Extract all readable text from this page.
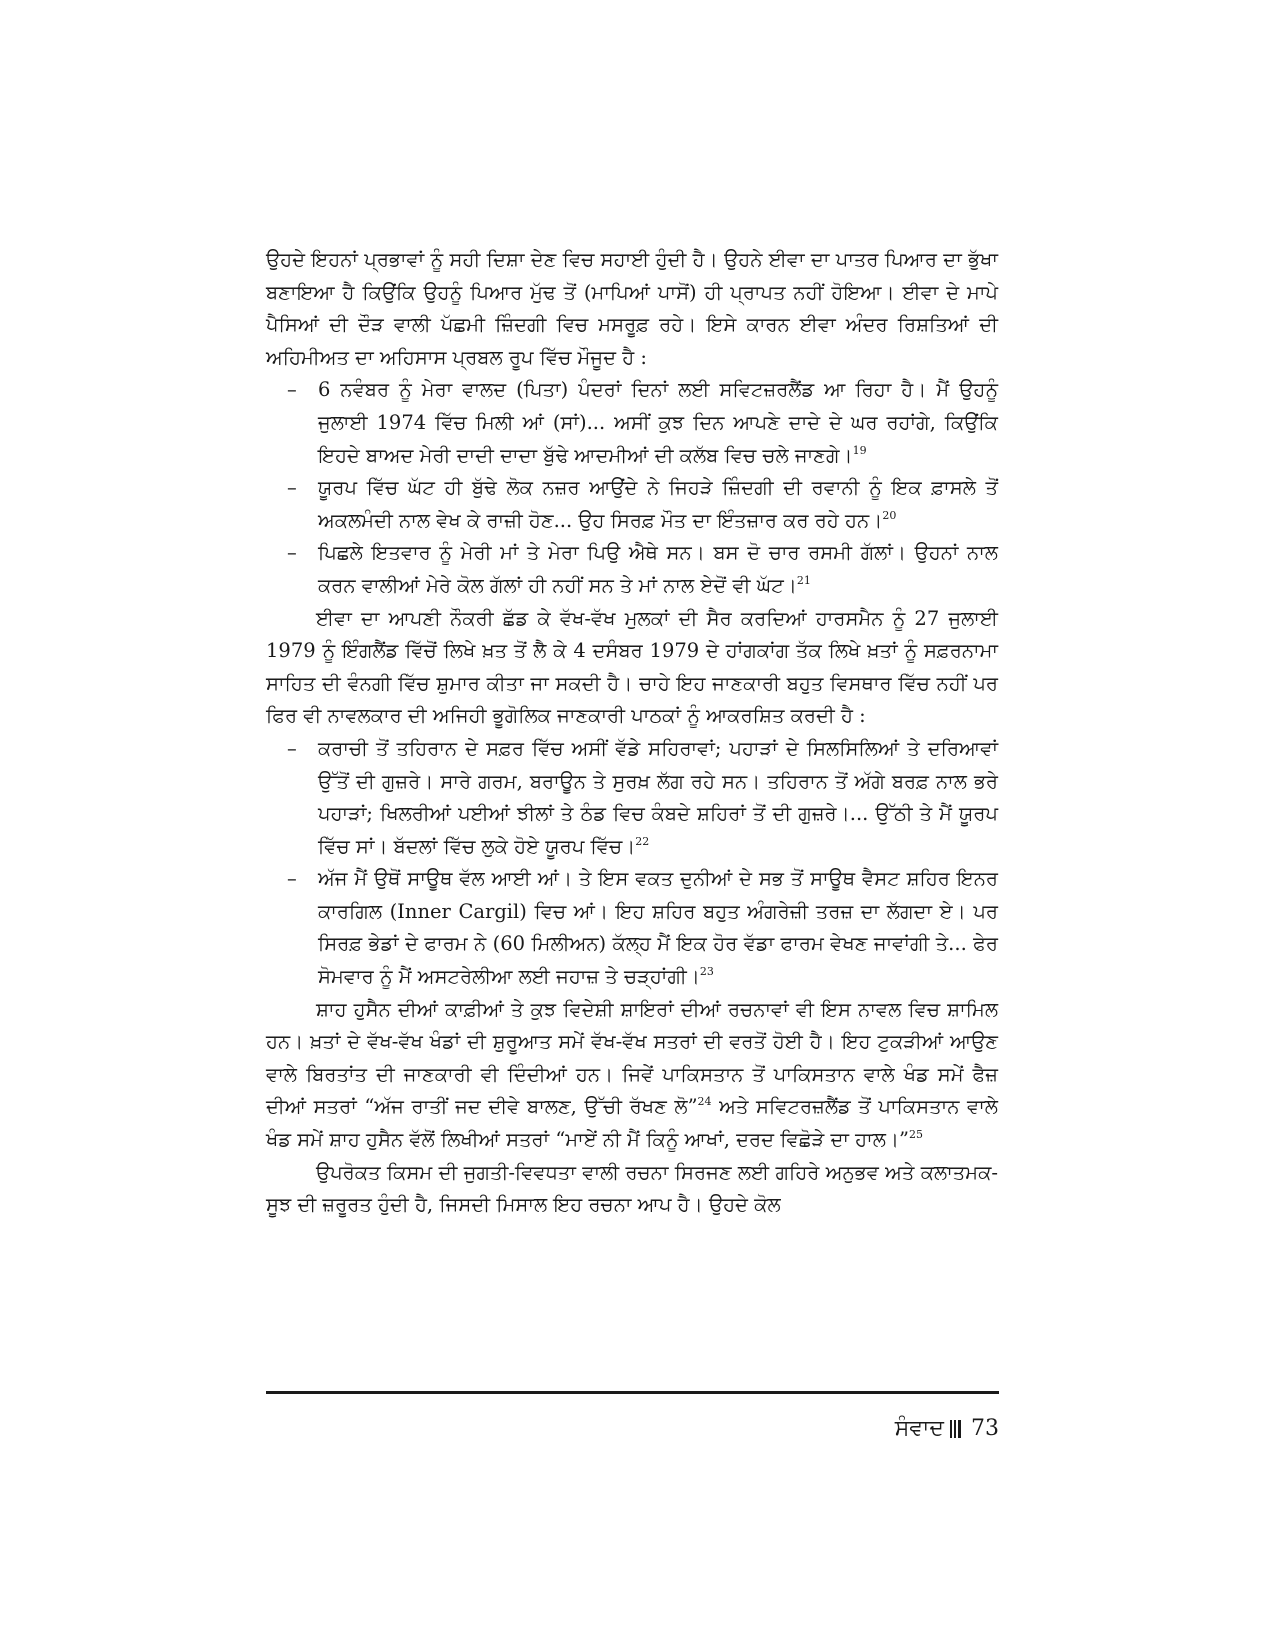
ਉਹਦੇ ਇਹਨਾਂ ਪ੍ਰਭਾਵਾਂ ਨੂੰ ਸਹੀ ਦਿਸ਼ਾ ਦੇਣ ਵਿਚ ਸਹਾਈ ਹੁੰਦੀ ਹੈ। ਉਹਨੇ ਈਵਾ ਦਾ ਪਾਤਰ ਪਿਆਰ ਦਾ ਭੁੱਖਾ ਬਣਾਇਆ ਹੈ ਕਿਉਂਕਿ ਉਹਨੂੰ ਪਿਆਰ ਮੁੱਢ ਤੋਂ (ਮਾਪਿਆਂ ਪਾਸੋਂ) ਹੀ ਪ੍ਰਾਪਤ ਨਹੀਂ ਹੋਇਆ। ਈਵਾ ਦੇ ਮਾਪੇ ਪੈਸਿਆਂ ਦੀ ਦੌੜ ਵਾਲੀ ਪੱਛਮੀ ਜ਼ਿੰਦਗੀ ਵਿਚ ਮਸਰੂਫ਼ ਰਹੇ। ਇਸੇ ਕਾਰਨ ਈਵਾ ਅੰਦਰ ਰਿਸ਼ਤਿਆਂ ਦੀ ਅਹਿਮੀਅਤ ਦਾ ਅਹਿਸਾਸ ਪ੍ਰਬਲ ਰੂਪ ਵਿੱਚ ਮੌਜੂਦ ਹੈ :

– 6 ਨਵੰਬਰ ਨੂੰ ਮੇਰਾ ਵਾਲਦ (ਪਿਤਾ) ਪੰਦਰਾਂ ਦਿਨਾਂ ਲਈ ਸਵਿਟਜ਼ਰਲੈਂਡ ਆ ਰਿਹਾ ਹੈ। ਮੈਂ ਉਹਨੂੰ ਜੁਲਾਈ 1974 ਵਿੱਚ ਮਿਲੀ ਆਂ (ਸਾਂ)... ਅਸੀਂ ਕੁਝ ਦਿਨ ਆਪਣੇ ਦਾਦੇ ਦੇ ਘਰ ਰਹਾਂਗੇ, ਕਿਉਂਕਿ ਇਹਦੇ ਬਾਅਦ ਮੇਰੀ ਦਾਦੀ ਦਾਦਾ ਬੁੱਢੇ ਆਦਮੀਆਂ ਦੀ ਕਲੱਬ ਵਿਚ ਚਲੇ ਜਾਣਗੇ।$^{19}$
– ਯੂਰਪ ਵਿੱਚ ਘੱਟ ਹੀ ਬੁੱਢੇ ਲੋਕ ਨਜ਼ਰ ਆਉਂਦੇ ਨੇ ਜਿਹੜੇ ਜ਼ਿੰਦਗੀ ਦੀ ਰਵਾਨੀ ਨੂੰ ਇਕ ਫ਼ਾਸਲੇ ਤੋਂ ਅਕਲਮੰਦੀ ਨਾਲ ਵੇਖ ਕੇ ਰਾਜ਼ੀ ਹੋਣ... ਉਹ ਸਿਰਫ਼ ਮੌਤ ਦਾ ਇੰਤਜ਼ਾਰ ਕਰ ਰਹੇ ਹਨ।$^{20}$
– ਪਿਛਲੇ ਇਤਵਾਰ ਨੂੰ ਮੇਰੀ ਮਾਂ ਤੇ ਮੇਰਾ ਪਿਉ ਐਥੇ ਸਨ। ਬਸ ਦੋ ਚਾਰ ਰਸਮੀ ਗੱਲਾਂ। ਉਹਨਾਂ ਨਾਲ ਕਰਨ ਵਾਲੀਆਂ ਮੇਰੇ ਕੋਲ ਗੱਲਾਂ ਹੀ ਨਹੀਂ ਸਨ ਤੇ ਮਾਂ ਨਾਲ ਏਦੋਂ ਵੀ ਘੱਟ।$^{21}$

ਈਵਾ ਦਾ ਆਪਣੀ ਨੌਕਰੀ ਛੱਡ ਕੇ ਵੱਖ-ਵੱਖ ਮੁਲਕਾਂ ਦੀ ਸੈਰ ਕਰਦਿਆਂ ਹਾਰਸਮੈਨ ਨੂੰ 27 ਜੁਲਾਈ 1979 ਨੂੰ ਇੰਗਲੈਂਡ ਵਿੱਚੋਂ ਲਿਖੇ ਖ਼ਤ ਤੋਂ ਲੈ ਕੇ 4 ਦਸੰਬਰ 1979 ਦੇ ਹਾਂਗਕਾਂਗ ਤੱਕ ਲਿਖੇ ਖ਼ਤਾਂ ਨੂੰ ਸਫ਼ਰਨਾਮਾ ਸਾਹਿਤ ਦੀ ਵੰਨਗੀ ਵਿੱਚ ਸ਼ੁਮਾਰ ਕੀਤਾ ਜਾ ਸਕਦੀ ਹੈ। ਚਾਹੇ ਇਹ ਜਾਣਕਾਰੀ ਬਹੁਤ ਵਿਸਥਾਰ ਵਿੱਚ ਨਹੀਂ ਪਰ ਫਿਰ ਵੀ ਨਾਵਲਕਾਰ ਦੀ ਅਜਿਹੀ ਭੂਗੋਲਿਕ ਜਾਣਕਾਰੀ ਪਾਠਕਾਂ ਨੂੰ ਆਕਰਸ਼ਿਤ ਕਰਦੀ ਹੈ :

– ਕਰਾਚੀ ਤੋਂ ਤਹਿਰਾਨ ਦੇ ਸਫ਼ਰ ਵਿੱਚ ਅਸੀਂ ਵੱਡੇ ਸਹਿਰਾਵਾਂ; ਪਹਾੜਾਂ ਦੇ ਸਿਲਸਿਲਿਆਂ ਤੇ ਦਰਿਆਵਾਂ ਉੱਤੋਂ ਦੀ ਗੁਜ਼ਰੇ। ਸਾਰੇ ਗਰਮ, ਬਰਾਊਨ ਤੇ ਸੁਰਖ਼ ਲੱਗ ਰਹੇ ਸਨ। ਤਹਿਰਾਨ ਤੋਂ ਅੱਗੇ ਬਰਫ਼ ਨਾਲ ਭਰੇ ਪਹਾੜਾਂ; ਖਿਲਰੀਆਂ ਪਈਆਂ ਝੀਲਾਂ ਤੇ ਠੰਡ ਵਿਚ ਕੰਬਦੇ ਸ਼ਹਿਰਾਂ ਤੋਂ ਦੀ ਗੁਜ਼ਰੇ।... ਉੱਠੀ ਤੇ ਮੈਂ ਯੂਰਪ ਵਿੱਚ ਸਾਂ। ਬੱਦਲਾਂ ਵਿੱਚ ਲੁਕੇ ਹੋਏ ਯੂਰਪ ਵਿੱਚ।$^{22}$
– ਅੱਜ ਮੈਂ ਉਥੋਂ ਸਾਊਥ ਵੱਲ ਆਈ ਆਂ। ਤੇ ਇਸ ਵਕਤ ਦੁਨੀਆਂ ਦੇ ਸਭ ਤੋਂ ਸਾਊਥ ਵੈਸਟ ਸ਼ਹਿਰ ਇਨਰ ਕਾਰਗਿਲ (Inner Cargil) ਵਿਚ ਆਂ। ਇਹ ਸ਼ਹਿਰ ਬਹੁਤ ਅੰਗਰੇਜ਼ੀ ਤਰਜ਼ ਦਾ ਲੱਗਦਾ ਏ। ਪਰ ਸਿਰਫ਼ ਭੇਡਾਂ ਦੇ ਫਾਰਮ ਨੇ (60 ਮਿਲੀਅਨ) ਕੱਲ੍ਹ ਮੈਂ ਇਕ ਹੋਰ ਵੱਡਾ ਫਾਰਮ ਵੇਖਣ ਜਾਵਾਂਗੀ ਤੇ... ਫੇਰ ਸੋਮਵਾਰ ਨੂੰ ਮੈਂ ਅਸਟਰੇਲੀਆ ਲਈ ਜਹਾਜ਼ ਤੇ ਚੜ੍ਹਾਂਗੀ।$^{23}$

ਸ਼ਾਹ ਹੁਸੈਨ ਦੀਆਂ ਕਾਫ਼ੀਆਂ ਤੇ ਕੁਝ ਵਿਦੇਸ਼ੀ ਸ਼ਾਇਰਾਂ ਦੀਆਂ ਰਚਨਾਵਾਂ ਵੀ ਇਸ ਨਾਵਲ ਵਿਚ ਸ਼ਾਮਿਲ ਹਨ। ਖ਼ਤਾਂ ਦੇ ਵੱਖ-ਵੱਖ ਖੰਡਾਂ ਦੀ ਸ਼ੁਰੂਆਤ ਸਮੇਂ ਵੱਖ-ਵੱਖ ਸਤਰਾਂ ਦੀ ਵਰਤੋਂ ਹੋਈ ਹੈ। ਇਹ ਟੁਕੜੀਆਂ ਆਉਣ ਵਾਲੇ ਬਿਰਤਾਂਤ ਦੀ ਜਾਣਕਾਰੀ ਵੀ ਦਿੰਦੀਆਂ ਹਨ। ਜਿਵੇਂ ਪਾਕਿਸਤਾਨ ਤੋਂ ਪਾਕਿਸਤਾਨ ਵਾਲੇ ਖੰਡ ਸਮੇਂ ਫੈਜ਼ ਦੀਆਂ ਸਤਰਾਂ “ਅੱਜ ਰਾਤੀਂ ਜਦ ਦੀਵੇ ਬਾਲਣ, ਉੱਚੀ ਰੱਖਣ ਲੋ”$^{24}$ ਅਤੇ ਸਵਿਟਰਜ਼ਲੈਂਡ ਤੋਂ ਪਾਕਿਸਤਾਨ ਵਾਲੇ ਖੰਡ ਸਮੇਂ ਸ਼ਾਹ ਹੁਸੈਨ ਵੱਲੋਂ ਲਿਖੀਆਂ ਸਤਰਾਂ “ਮਾਏਂ ਨੀ ਮੈਂ ਕਿਨੂੰ ਆਖਾਂ, ਦਰਦ ਵਿਛੋੜੇ ਦਾ ਹਾਲ।”$^{25}$

ਉਪਰੋਕਤ ਕਿਸਮ ਦੀ ਜੁਗਤੀ-ਵਿਵਧਤਾ ਵਾਲੀ ਰਚਨਾ ਸਿਰਜਣ ਲਈ ਗਹਿਰੇ ਅਨੁਭਵ ਅਤੇ ਕਲਾਤਮਕ-ਸੂਝ ਦੀ ਜ਼ਰੂਰਤ ਹੁੰਦੀ ਹੈ, ਜਿਸਦੀ ਮਿਸਾਲ ਇਹ ਰਚਨਾ ਆਪ ਹੈ। ਉਹਦੇ ਕੋਲ

ਸੰਵਾਦ 73
